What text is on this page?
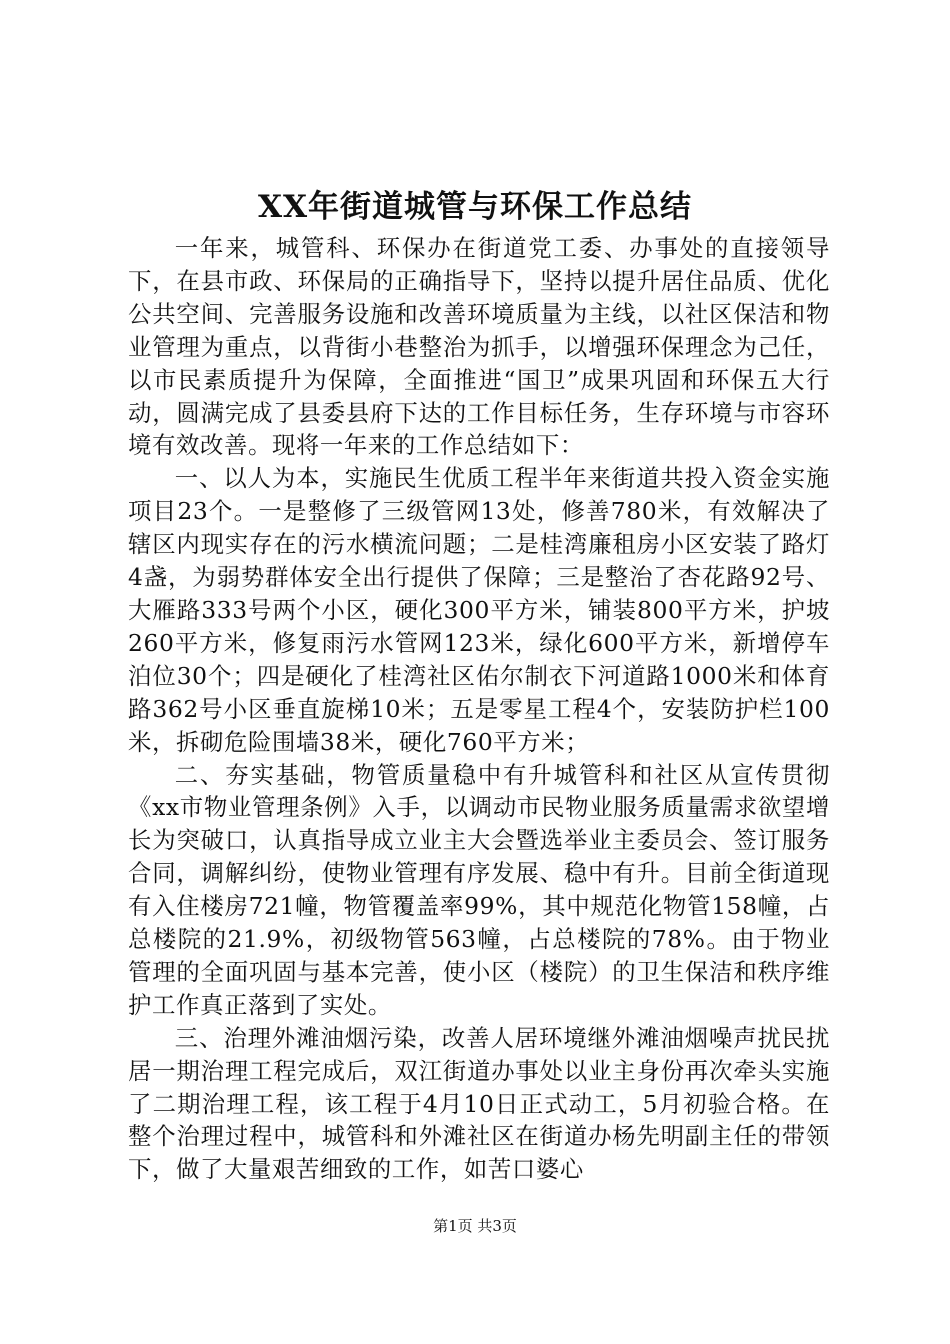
XX年街道城管与环保工作总结

一年来，城管科、环保办在街道党工委、办事处的直接领导下，在县市政、环保局的正确指导下，坚持以提升居住品质、优化公共空间、完善服务设施和改善环境质量为主线，以社区保洁和物业管理为重点，以背街小巷整治为抓手，以增强环保理念为己任，以市民素质提升为保障，全面推进“国卫”成果巩固和环保五大行动，圆满完成了县委县府下达的工作目标任务，生存环境与市容环境有效改善。现将一年来的工作总结如下：

一、以人为本，实施民生优质工程半年来街道共投入资金实施项目23个。一是整修了三级管网13处，修善780米，有效解决了辖区内现实存在的污水横流问题；二是桂湾廉租房小区安装了路灯4盏，为弱势群体安全出行提供了保障；三是整治了杏花路92号、大雁路333号两个小区，硬化300平方米，铺装800平方米，护坡260平方米，修复雨污水管网123米，绿化600平方米，新增停车泊位30个；四是硬化了桂湾社区佑尔制衣下河道路1000米和体育路362号小区垂直旋梯10米；五是零星工程4个，安装防护栏100米，拆砌危险围墙38米，硬化760平方米；

二、夯实基础，物管质量稳中有升城管科和社区从宣传贯彻《xx市物业管理条例》入手，以调动市民物业服务质量需求欲望增长为突破口，认真指导成立业主大会暨选举业主委员会、签订服务合同，调解纠纷，使物业管理有序发展、稳中有升。目前全街道现有入住楼房721幢，物管覆盖率99%，其中规范化物管158幢，占总楼院的21.9%，初级物管563幢，占总楼院的78%。由于物业管理的全面巩固与基本完善，使小区（楼院）的卫生保洁和秩序维护工作真正落到了实处。

三、治理外滩油烟污染，改善人居环境继外滩油烟噪声扰民扰居一期治理工程完成后，双江街道办事处以业主身份再次牵头实施了二期治理工程，该工程于4月10日正式动工，5月初验合格。在整个治理过程中，城管科和外滩社区在街道办杨先明副主任的带领下，做了大量艰苦细致的工作，如苦口婆心

第1页 共3页
